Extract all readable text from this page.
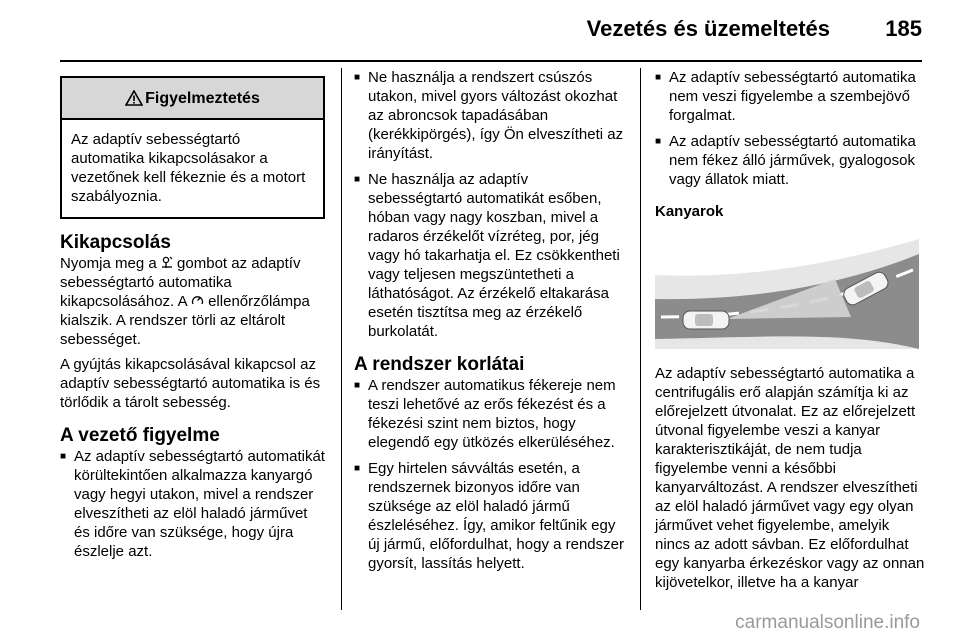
Vezetés és üzemeltetés	185
Figyelmeztetés
Az adaptív sebességtartó automatika kikapcsolásakor a vezetőnek kell fékeznie és a motort szabályoznia.
Kikapcsolás

Nyomja meg a gombot az adaptív sebességtartó automatika kikapcsolásához. A ellenőrzőlámpa kialszik. A rendszer törli az eltárolt sebességet.

A gyújtás kikapcsolásával kikapcsol az adaptív sebességtartó automatika is és törlődik a tárolt sebesség.

A vezető figyelme
■ Az adaptív sebességtartó automatikát körültekintően alkalmazza kanyargó vagy hegyi utakon, mivel a rendszer elveszítheti az elöl haladó járművet és időre van szüksége, hogy újra észlelje azt.
■ Ne használja a rendszert csúszós utakon, mivel gyors változást okozhat az abroncsok tapadásában (kerékkipörgés), így Ön elveszítheti az irányítást.
■ Ne használja az adaptív sebességtartó automatikát esőben, hóban vagy nagy koszban, mivel a radaros érzékelőt vízréteg, por, jég vagy hó takarhatja el. Ez csökkentheti vagy teljesen megszüntetheti a láthatóságot. Az érzékelő eltakarása esetén tisztítsa meg az érzékelő burkolatát.
A rendszer korlátai
■ A rendszer automatikus fékereje nem teszi lehetővé az erős fékezést és a fékezési szint nem biztos, hogy elegendő egy ütközés elkerüléséhez.
■ Egy hirtelen sávváltás esetén, a rendszernek bizonyos időre van szüksége az elöl haladó jármű észleléséhez. Így, amikor feltűnik egy új jármű, előfordulhat, hogy a rendszer gyorsít, lassítás helyett.
■ Az adaptív sebességtartó automatika nem veszi figyelembe a szembejövő forgalmat.
■ Az adaptív sebességtartó automatika nem fékez álló járművek, gyalogosok vagy állatok miatt.
Kanyarok

Az adaptív sebességtartó automatika a centrifugális erő alapján számítja ki az előrejelzett útvonalat. Ez az előrejelzett útvonal figyelembe veszi a kanyar karakterisztikáját, de nem tudja figyelembe venni a későbbi kanyarváltozást. A rendszer elveszítheti az elöl haladó járművet vagy egy olyan járművet vehet figyelembe, amelyik nincs az adott sávban. Ez előfordulhat egy kanyarba érkezéskor vagy az onnan kijövetelkor, illetve ha a kanyar

carmanualsonline.info
